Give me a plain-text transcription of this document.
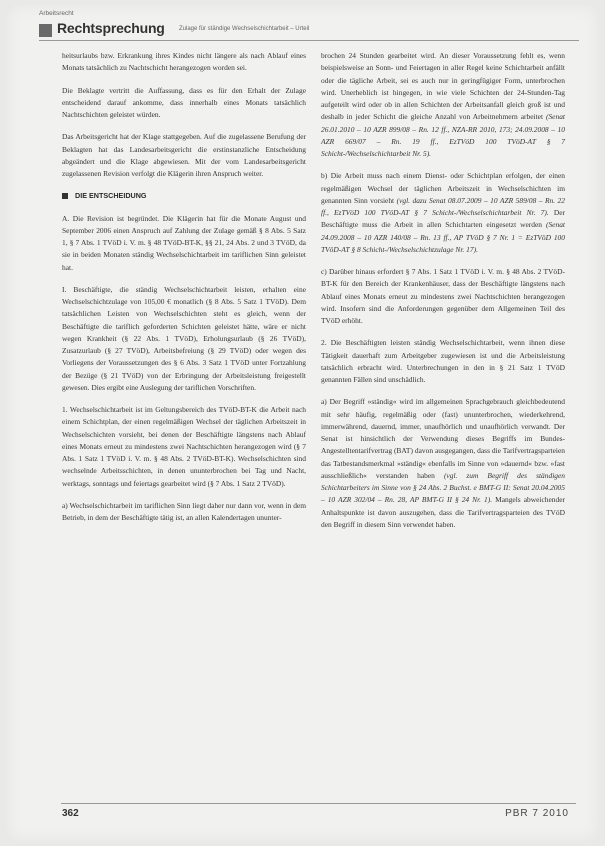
Arbeitsrecht
Rechtsprechung Zulage für ständige Wechselschichtarbeit – Urteil

heitsurlaubs bzw. Erkrankung ihres Kindes nicht längere als nach Ablauf eines Monats tatsächlich zu Nachtschicht herangezogen worden sei.

Die Beklagte vertritt die Auffassung, dass es für den Erhalt der Zulage entscheidend darauf ankomme, dass innerhalb eines Monats tatsächlich Nachtschichten geleistet würden.

Das Arbeitsgericht hat der Klage stattgegeben. Auf die zugelassene Berufung der Beklagten hat das Landesarbeitsgericht die erstinstanzliche Entscheidung abgeändert und die Klage abgewiesen. Mit der vom Landesarbeitsgericht zugelassenen Revision verfolgt die Klägerin ihren Anspruch weiter.

DIE ENTSCHEIDUNG

A. Die Revision ist begründet. Die Klägerin hat für die Monate August und September 2006 einen Anspruch auf Zahlung der Zulage gemäß § 8 Abs. 5 Satz 1, § 7 Abs. 1 TVöD i. V. m. § 48 TVöD-BT-K, §§ 21, 24 Abs. 2 und 3 TVöD, da sie in beiden Monaten ständig Wechselschichtarbeit im tariflichen Sinn geleistet hat.

I. Beschäftigte, die ständig Wechselschichtarbeit leisten, erhalten eine Wechselschichtzulage von 105,00 € monatlich (§ 8 Abs. 5 Satz 1 TVöD). Dem tatsächlichen Leisten von Wechselschichten steht es gleich, wenn der Beschäftigte die tariflich geforderten Schichten geleistet hätte, wäre er nicht wegen Krankheit (§ 22 Abs. 1 TVöD), Erholungsurlaub (§ 26 TVöD), Zusatzurlaub (§ 27 TVöD), Arbeitsbefreiung (§ 29 TVöD) oder wegen des Vorliegens der Voraussetzungen des § 6 Abs. 3 Satz 1 TVöD unter Fortzahlung der Bezüge (§ 21 TVöD) von der Erbringung der Arbeitsleistung freigestellt gewesen. Dies ergibt eine Auslegung der tariflichen Vorschriften.

1. Wechselschichtarbeit ist im Geltungsbereich des TVöD-BT-K die Arbeit nach einem Schichtplan, der einen regelmäßigen Wechsel der täglichen Arbeitszeit in Wechselschichten vorsieht, bei denen der Beschäftigte längstens nach Ablauf eines Monats erneut zu mindestens zwei Nachtschichten herangezogen wird (§ 7 Abs. 1 Satz 1 TVöD i. V. m. § 48 Abs. 2 TVöD-BT-K). Wechselschichten sind wechselnde Arbeitsschichten, in denen ununterbrochen bei Tag und Nacht, werktags, sonntags und feiertags gearbeitet wird (§ 7 Abs. 1 Satz 2 TVöD).

a) Wechselschichtarbeit im tariflichen Sinn liegt daher nur dann vor, wenn in dem Betrieb, in dem der Beschäftigte tätig ist, an allen Kalendertagen ununter-

brochen 24 Stunden gearbeitet wird. An dieser Voraussetzung fehlt es, wenn beispielsweise an Sonn- und Feiertagen in aller Regel keine Schichtarbeit anfällt oder die tägliche Arbeit, sei es auch nur in geringfügiger Form, unterbrochen wird. Unerheblich ist hingegen, in wie viele Schichten der 24-Stunden-Tag aufgeteilt wird oder ob in allen Schichten der Arbeitsanfall gleich groß ist und deshalb in jeder Schicht die gleiche Anzahl von Arbeitnehmern arbeitet (Senat 26.01.2010 – 10 AZR 899/08 – Rn. 12 ff., NZA-RR 2010, 173; 24.09.2008 – 10 AZR 669/07 – Rn. 19 ff., EzTVöD 100 TVöD-AT § 7 Schicht-/Wechselschichtarbeit Nr. 5).

b) Die Arbeit muss nach einem Dienst- oder Schichtplan erfolgen, der einen regelmäßigen Wechsel der täglichen Arbeitszeit in Wechselschichten im genannten Sinn vorsieht (vgl. dazu Senat 08.07.2009 – 10 AZR 589/08 – Rn. 22 ff., EzTVöD 100 TVöD-AT § 7 Schicht-/Wechselschichtarbeit Nr. 7). Der Beschäftigte muss die Arbeit in allen Schichtarten eingesetzt werden (Senat 24.09.2008 – 10 AZR 140/08 – Rn. 13 ff., AP TVöD § 7 Nr. 1 = EzTVöD 100 TVöD-AT § 8 Schicht-/Wechselschichtzulage Nr. 17).

c) Darüber hinaus erfordert § 7 Abs. 1 Satz 1 TVöD i. V. m. § 48 Abs. 2 TVöD-BT-K für den Bereich der Krankenhäuser, dass der Beschäftigte längstens nach Ablauf eines Monats erneut zu mindestens zwei Nachtschichten herangezogen wird. Insofern sind die Anforderungen gegenüber dem Allgemeinen Teil des TVöD erhöht.

2. Die Beschäftigten leisten ständig Wechselschichtarbeit, wenn ihnen diese Tätigkeit dauerhaft zum Arbeitgeber zugewiesen ist und die Arbeitsleistung tatsächlich erbracht wird. Unterbrechungen in den in § 21 Satz 1 TVöD genannten Fällen sind unschädlich.

a) Der Begriff »ständig« wird im allgemeinen Sprachgebrauch gleichbedeutend mit sehr häufig, regelmäßig oder (fast) ununterbrochen, wiederkehrend, immerwährend, dauernd, immer, unaufhörlich und unaufhörlich verwandt. Der Senat ist hinsichtlich der Verwendung dieses Begriffs im Bundes-Angestelltentarifvertrag (BAT) davon ausgegangen, dass die Tarifvertragsparteien das Tatbestandsmerkmal »ständig« ebenfalls im Sinne von »dauernd« bzw. »fast ausschließlich« verstanden haben (vgl. zum Begriff des ständigen Schichtarbeiters im Sinne von § 24 Abs. 2 Buchst. e BMT-G II: Senat 20.04.2005 – 10 AZR 302/04 – Rn. 28, AP BMT-G II § 24 Nr. 1). Mangels abweichender Anhaltspunkte ist davon auszugehen, dass die Tarifvertragsparteien des TVöD den Begriff in diesem Sinn verwendet haben.

362	PBR 7 2010
